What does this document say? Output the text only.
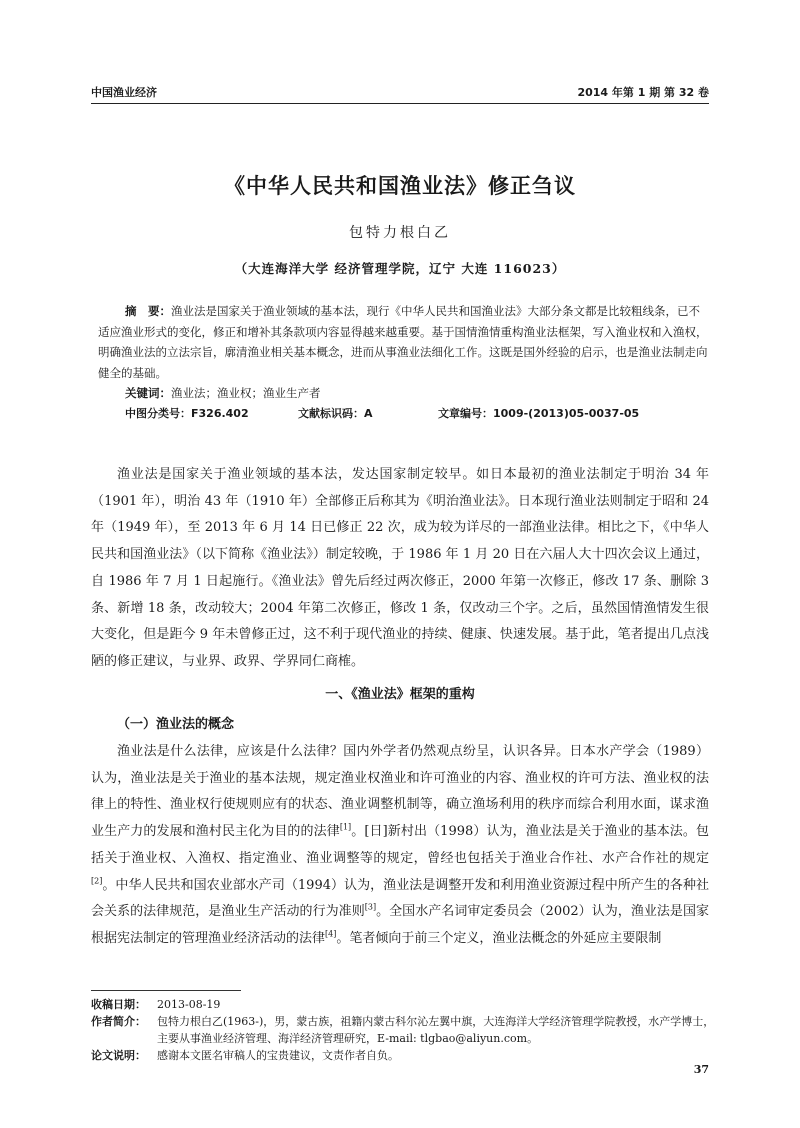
中国渔业经济	2014 年第 1 期 第 32 卷
《中华人民共和国渔业法》修正刍议
包特力根白乙
（大连海洋大学 经济管理学院，辽宁 大连 116023）

摘　要：渔业法是国家关于渔业领域的基本法，现行《中华人民共和国渔业法》大部分条文都是比较粗线条，已不适应渔业形式的变化，修正和增补其条款项内容显得越来越重要。基于国情渔情重构渔业法框架，写入渔业权和入渔权，明确渔业法的立法宗旨，廓清渔业相关基本概念，进而从事渔业法细化工作。这既是国外经验的启示，也是渔业法制走向健全的基础。

关键词：渔业法；渔业权；渔业生产者
中图分类号：F326.402	文献标识码：A	文章编号：1009-(2013)05-0037-05

渔业法是国家关于渔业领域的基本法，发达国家制定较早。如日本最初的渔业法制定于明治 34 年（1901 年），明治 43 年（1910 年）全部修正后称其为《明治渔业法》。日本现行渔业法则制定于昭和 24 年（1949 年），至 2013 年 6 月 14 日已修正 22 次，成为较为详尽的一部渔业法律。相比之下，《中华人民共和国渔业法》（以下简称《渔业法》）制定较晚，于 1986 年 1 月 20 日在六届人大十四次会议上通过，自 1986 年 7 月 1 日起施行。《渔业法》曾先后经过两次修正，2000 年第一次修正，修改 17 条、删除 3 条、新增 18 条，改动较大；2004 年第二次修正，修改 1 条，仅改动三个字。之后，虽然国情渔情发生很大变化，但是距今 9 年未曾修正过，这不利于现代渔业的持续、健康、快速发展。基于此，笔者提出几点浅陋的修正建议，与业界、政界、学界同仁商榷。

一、《渔业法》框架的重构
（一）渔业法的概念

渔业法是什么法律，应该是什么法律？国内外学者仍然观点纷呈，认识各异。日本水产学会（1989）认为，渔业法是关于渔业的基本法规，规定渔业权渔业和许可渔业的内容、渔业权的许可方法、渔业权的法律上的特性、渔业权行使规则应有的状态、渔业调整机制等，确立渔场利用的秩序而综合利用水面，谋求渔业生产力的发展和渔村民主化为目的的法律[1]。[日]新村出（1998）认为，渔业法是关于渔业的基本法。包括关于渔业权、入渔权、指定渔业、渔业调整等的规定，曾经也包括关于渔业合作社、水产合作社的规定[2]。中华人民共和国农业部水产司（1994）认为，渔业法是调整开发和利用渔业资源过程中所产生的各种社会关系的法律规范，是渔业生产活动的行为准则[3]。全国水产名词审定委员会（2002）认为，渔业法是国家根据宪法制定的管理渔业经济活动的法律[4]。笔者倾向于前三个定义，渔业法概念的外延应主要限制

收稿日期： 2013-08-19
作者简介： 包特力根白乙(1963-)，男，蒙古族，祖籍内蒙古科尔沁左翼中旗，大连海洋大学经济管理学院教授，水产学博士，主要从事渔业经济管理、海洋经济管理研究，E-mail: tlgbao@aliyun.com。
论文说明： 感谢本文匿名审稿人的宝贵建议，文责作者自负。
37
